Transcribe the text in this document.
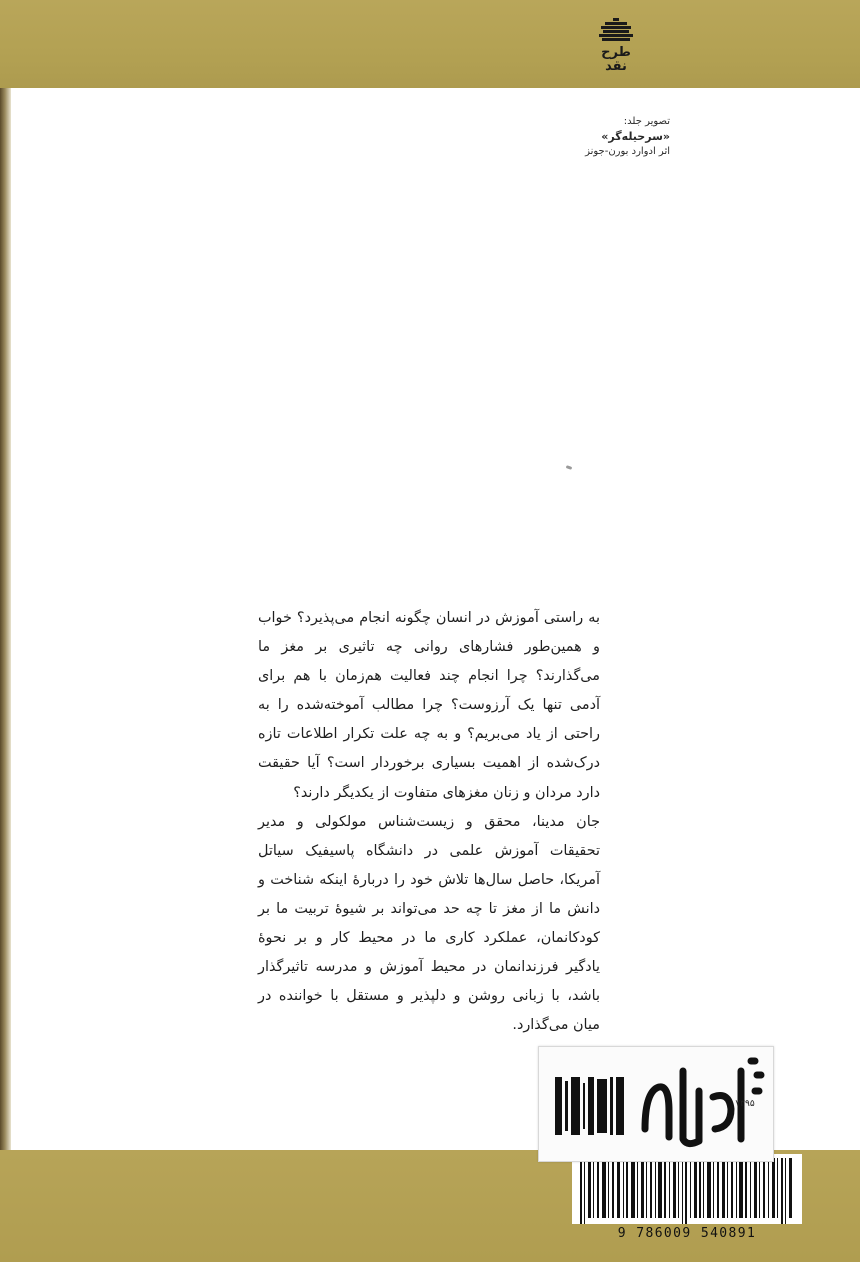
طرح نقد
تصویر جلد:
«سرحیله‌گر»
اثر ادوارد بورن-جونز

به راستی آموزش در انسان چگونه انجام می‌پذیرد؟ خواب و همین‌طور فشارهای روانی چه تاثیری بر مغز ما می‌گذارند؟ چرا انجام چند فعالیت هم‌زمان با هم برای آدمی تنها یک آرزوست؟ چرا مطالب آموخته‌شده را به راحتی از یاد می‌بریم؟ و به چه علت تکرار اطلاعات تازه درک‌شده از اهمیت بسیاری برخوردار است؟ آیا حقیقت دارد مردان و زنان مغزهای متفاوت از یکدیگر دارند؟

جان مدینا، محقق و زیست‌شناس مولکولی و مدیر تحقیقات آموزش علمی در دانشگاه پاسیفیک سیاتل آمریکا، حاصل سال‌ها تلاش خود را دربارهٔ اینکه شناخت و دانش ما از مغز تا چه حد می‌تواند بر شیوهٔ تربیت ما بر کودکانمان، عملکرد کاری ما در محیط کار و بر نحوهٔ یادگیر فرزندانمان در محیط آموزش و مدرسه تاثیرگذار باشد، با زبانی روشن و دلپذیر و مستقل با خواننده در میان می‌گذارد.

9 786009 540891
۷۳۹۵
